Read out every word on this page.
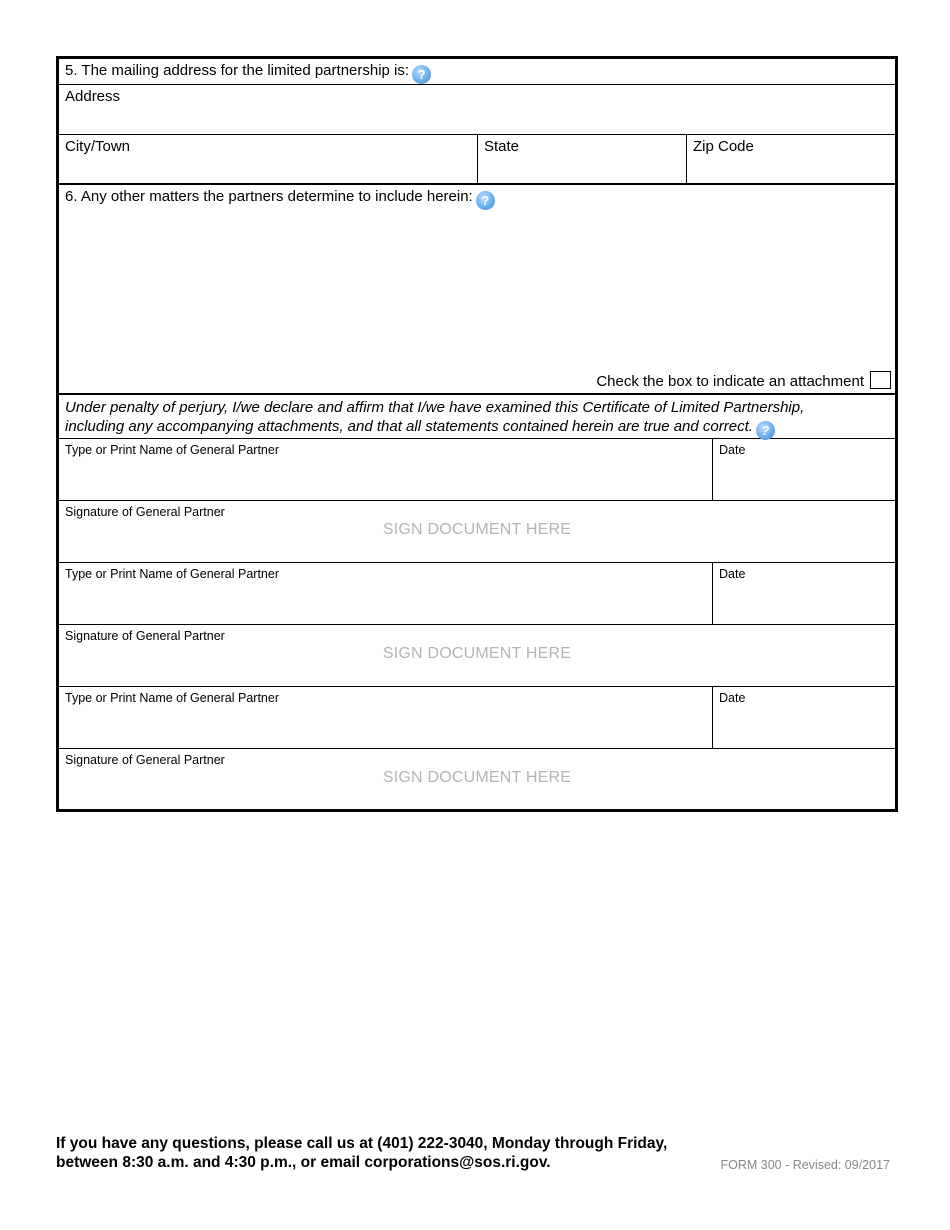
5. The mailing address for the limited partnership is: ?
Address
City/Town	State	Zip Code
6. Any other matters the partners determine to include herein: ?
Check the box to indicate an attachment
Under penalty of perjury, I/we declare and affirm that I/we have examined this Certificate of Limited Partnership,
including any accompanying attachments, and that all statements contained herein are true and correct. ?
Type or Print Name of General Partner	Date
Signature of General Partner
SIGN DOCUMENT HERE
Type or Print Name of General Partner	Date
Signature of General Partner
SIGN DOCUMENT HERE
Type or Print Name of General Partner	Date
Signature of General Partner
SIGN DOCUMENT HERE
If you have any questions, please call us at (401) 222-3040, Monday through Friday,
between 8:30 a.m. and 4:30 p.m., or email corporations@sos.ri.gov.	FORM 300 - Revised: 09/2017
